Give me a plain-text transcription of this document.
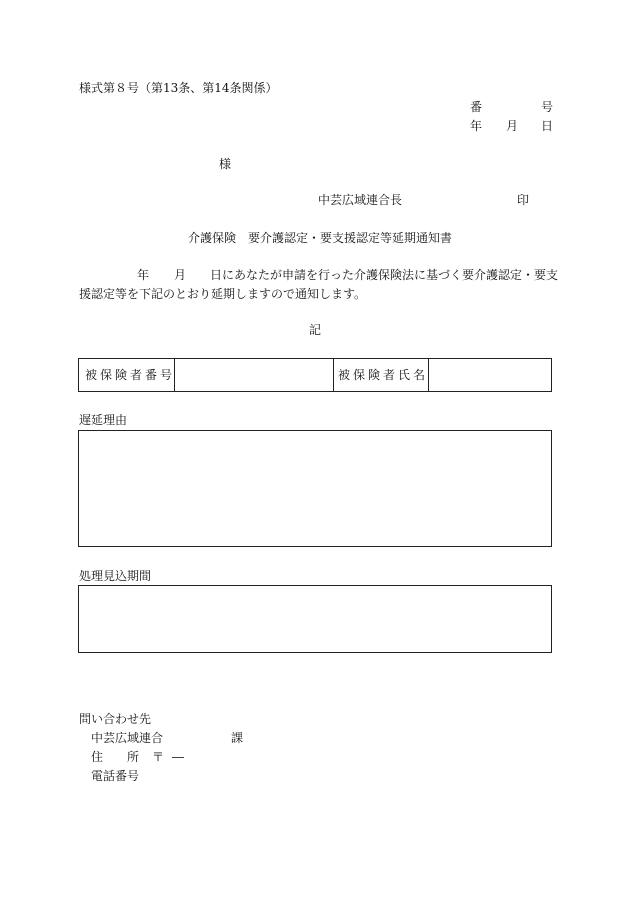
様式第８号（第13条、第14条関係）
番	号
年 月 日
様
中芸広域連合長	印
介護保険　要介護認定・要支援認定等延期通知書
年 月 日にあなたが申請を行った介護保険法に基づく要介護認定・要支
援認定等を下記のとおり延期しますので通知します。
記
被保険者番号	被保険者氏名
遅延理由
処理見込期間
問い合わせ先
中芸広域連合	課
住 所 〒 ―
電話番号
